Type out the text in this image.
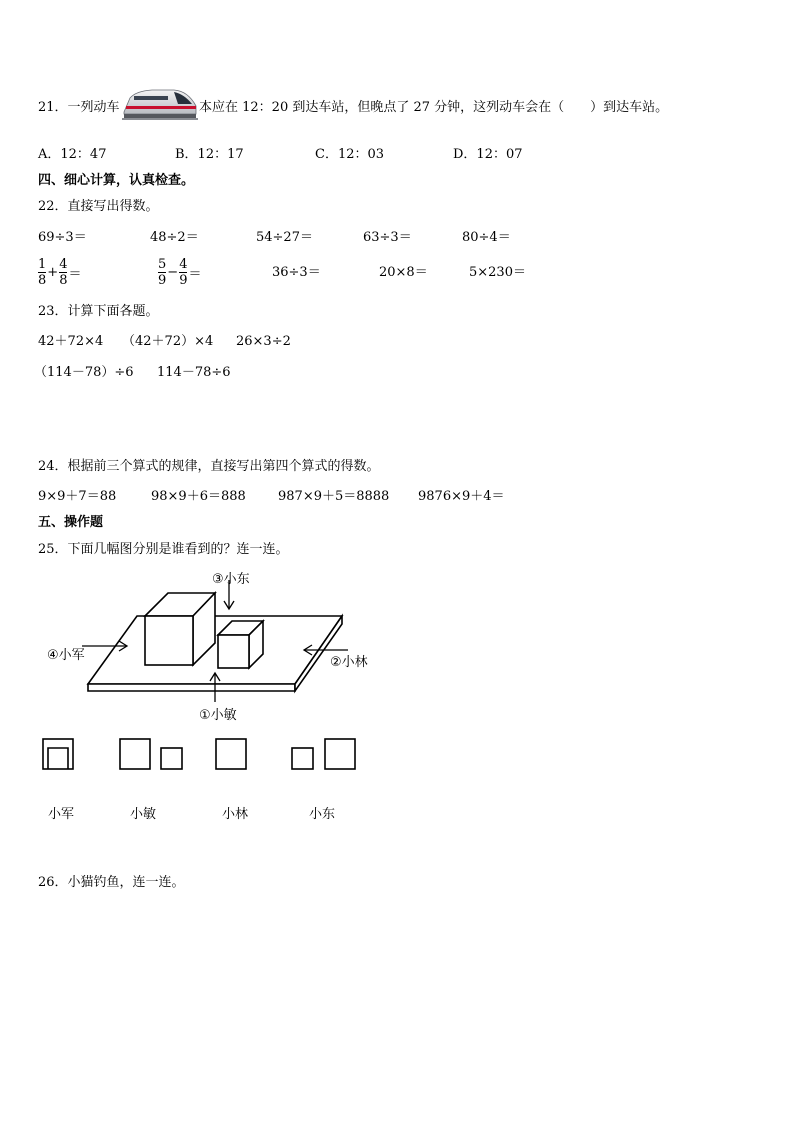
21．一列动车	本应在 12：20 到达车站，但晚点了 27 分钟，这列动车会在（　　）到达车站。
A．12：47	B．12：17	C．12：03	D．12：07
四、细心计算，认真检查。
22．直接写出得数。
69÷3＝	48÷2＝	54÷27＝	63÷3＝	80÷4＝
$\frac{1}{8} + \frac{4}{8}$ ＝	$\frac{5}{9} - \frac{4}{9}$ ＝	36÷3＝	20×8＝	5×230＝
23．计算下面各题。
42＋72×4 （42＋72）×4 26×3÷2
（114－78）÷6 114－78÷6
24．根据前三个算式的规律，直接写出第四个算式的得数。
9×9＋7＝88	98×9＋6＝888 987×9＋5＝8888 9876×9＋4＝
五、操作题
25．下面几幅图分别是谁看到的？连一连。
③小东
④小军	②小林
①小敏
小军	小敏	小林	小东
26．小猫钓鱼，连一连。
